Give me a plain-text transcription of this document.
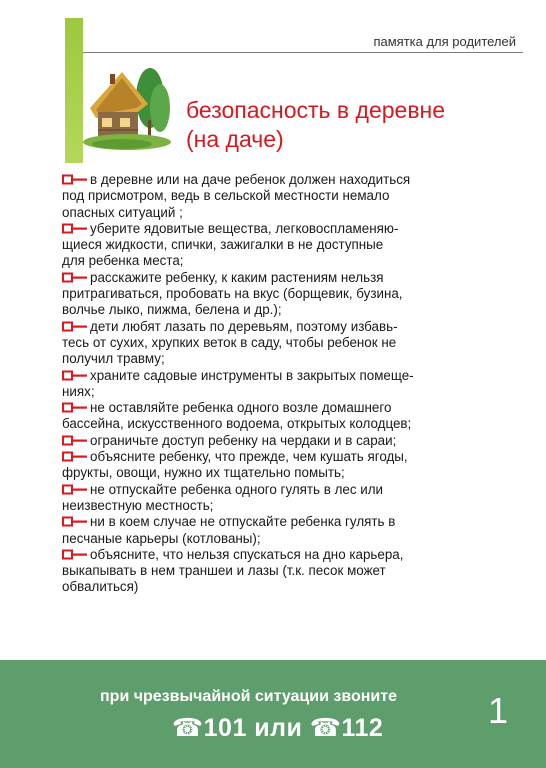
памятка для родителей
безопасность в деревне
(на даче)
в деревне или на даче ребенок должен находиться
под присмотром, ведь в сельской местности немало
опасных ситуаций ;
уберите ядовитые вещества, легковоспламеняю-
щиеся жидкости, спички, зажигалки в не доступные
для ребенка места;
расскажите ребенку, к каким растениям нельзя
притрагиваться, пробовать на вкус (борщевик, бузина,
волчье лыко, пижма, белена и др.);
дети любят лазать по деревьям, поэтому избавь-
тесь от сухих, хрупких веток в саду, чтобы ребенок не
получил травму;
храните садовые инструменты в закрытых помеще-
ниях;
не оставляйте ребенка одного возле домашнего
бассейна, искусственного водоема, открытых колодцев;
ограничьте доступ ребенку на чердаки и в сараи;
объясните ребенку, что прежде, чем кушать ягоды,
фрукты, овощи, нужно их тщательно помыть;
не отпускайте ребенка одного гулять в лес или
неизвестную местность;
ни в коем случае не отпускайте ребенка гулять в
песчаные карьеры (котлованы);
объясните, что нельзя спускаться на дно карьера,
выкапывать в нем траншеи и лазы (т.к. песок может
обвалиться)
при чрезвычайной ситуации звоните
☎101 или ☎112	1
